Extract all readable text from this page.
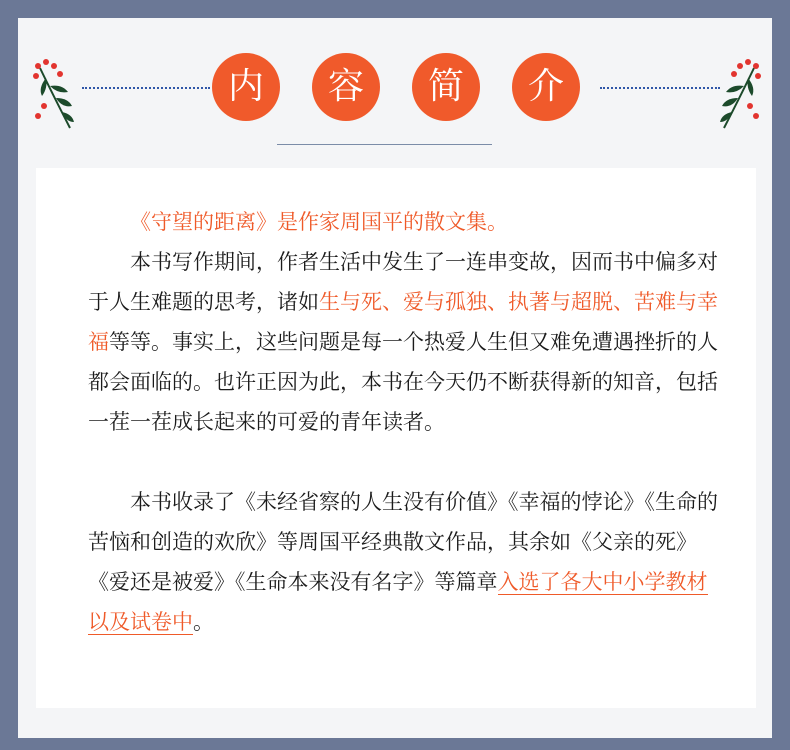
内	容	简	介

《守望的距离》是作家周国平的散文集。

本书写作期间，作者生活中发生了一连串变故，因而书中偏多对于人生难题的思考，诸如生与死、爱与孤独、执著与超脱、苦难与幸福等等。事实上，这些问题是每一个热爱人生但又难免遭遇挫折的人都会面临的。也许正因为此，本书在今天仍不断获得新的知音，包括一茬一茬成长起来的可爱的青年读者。

本书收录了《未经省察的人生没有价值》《幸福的悖论》《生命的苦恼和创造的欢欣》等周国平经典散文作品，其余如《父亲的死》《爱还是被爱》《生命本来没有名字》等篇章入选了各大中小学教材以及试卷中。
